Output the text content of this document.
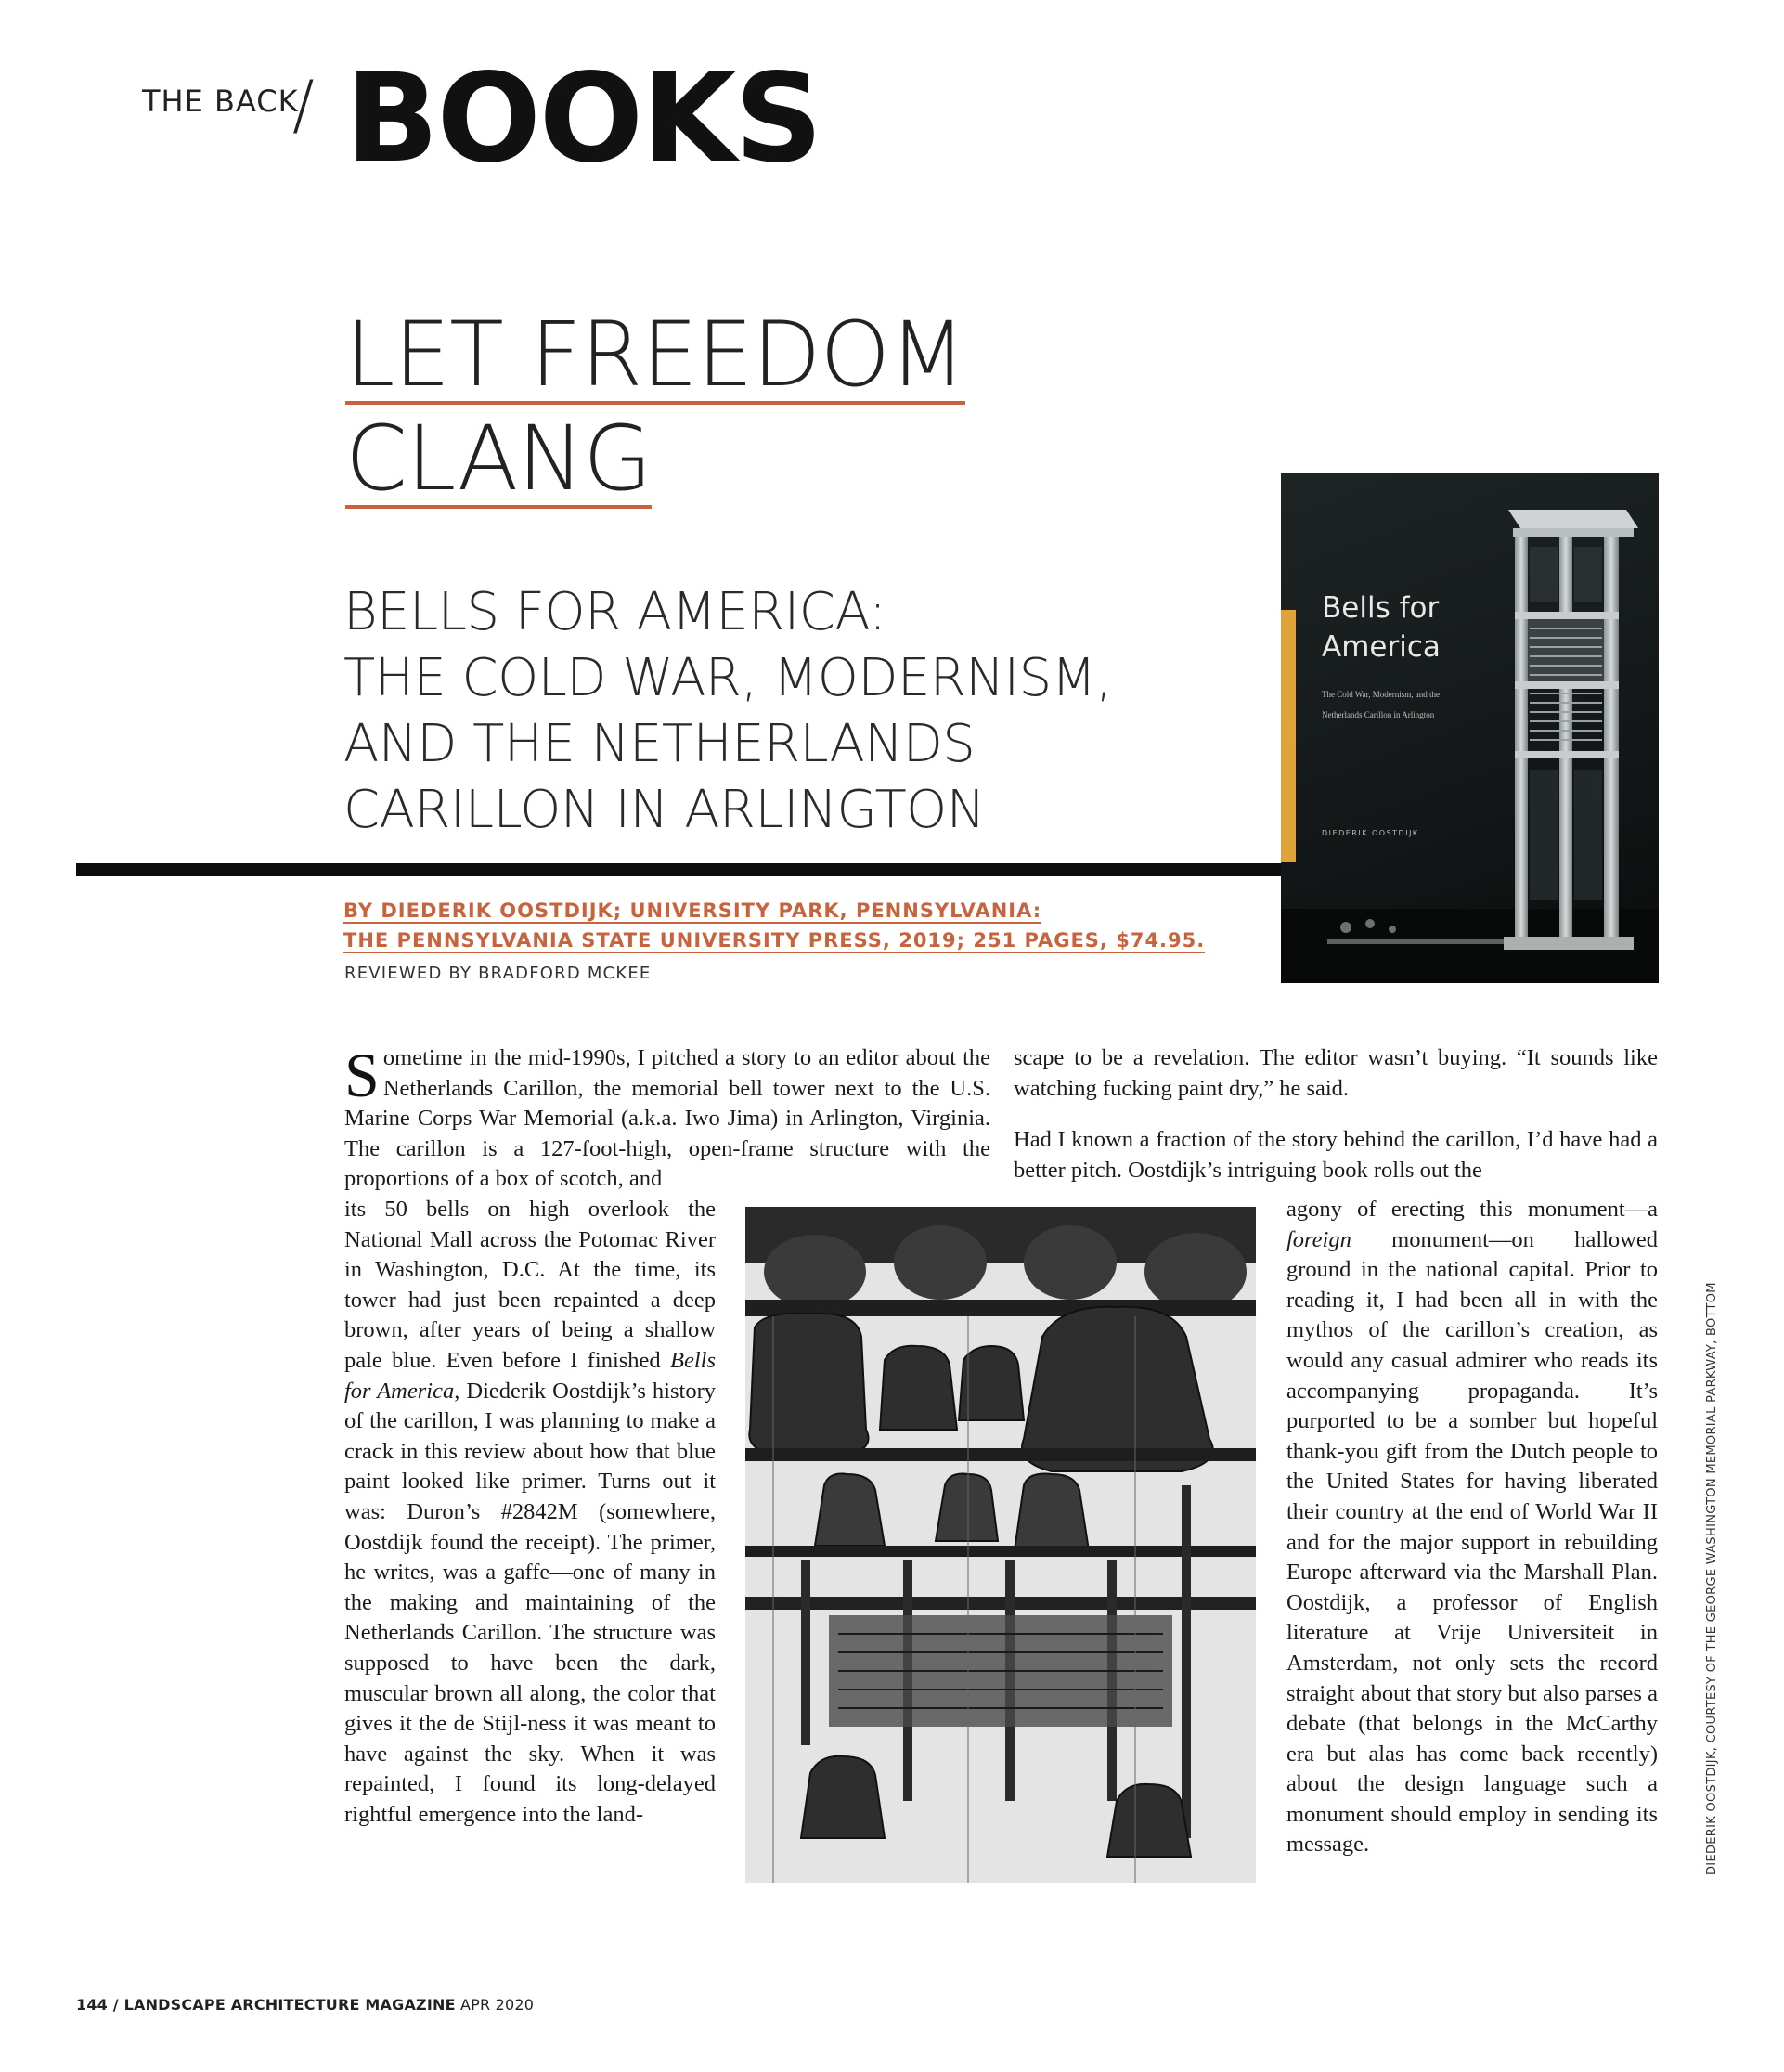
THE BACK
/ BOOKS
LET FREEDOM
CLANG
BELLS FOR AMERICA:
THE COLD WAR, MODERNISM,
AND THE NETHERLANDS
CARILLON IN ARLINGTON
Bells for
America
The Cold War, Modernism, and the Netherlands Carillon in Arlington
DIEDERIK OOSTDIJK
BY DIEDERIK OOSTDIJK; UNIVERSITY PARK, PENNSYLVANIA:
THE PENNSYLVANIA STATE UNIVERSITY PRESS, 2019; 251 PAGES, $74.95.
REVIEWED BY BRADFORD MCKEE
Sometime in the mid-1990s, I pitched a story to an editor about the Netherlands Carillon, the memorial bell tower next to the U.S. Marine Corps War Memorial (a.k.a. Iwo Jima) in Arlington, Virginia. The carillon is a 127-foot-high, open-frame structure with the proportions of a box of scotch, and
its 50 bells on high overlook the National Mall across the Potomac River in Washington, D.C. At the time, its tower had just been repainted a deep brown, after years of being a shallow pale blue. Even before I finished Bells for America, Diederik Oostdijk’s history of the carillon, I was planning to make a crack in this review about how that blue paint looked like primer. Turns out it was: Duron’s #2842M (somewhere, Oostdijk found the receipt). The primer, he writes, was a gaffe—one of many in the making and maintaining of the Netherlands Carillon. The structure was supposed to have been the dark, muscular brown all along, the color that gives it the de Stijl-ness it was meant to have against the sky. When it was repainted, I found its long-delayed rightful emergence into the land-

scape to be a revelation. The editor wasn’t buying. “It sounds like watching fucking paint dry,” he said.

Had I known a fraction of the story behind the carillon, I’d have had a better pitch. Oostdijk’s intriguing book rolls out the

agony of erecting this monument—a foreign monument—on hallowed ground in the national capital. Prior to reading it, I had been all in with the mythos of the carillon’s creation, as would any casual admirer who reads its accompanying propaganda. It’s purported to be a somber but hopeful thank-you gift from the Dutch people to the United States for having liberated their country at the end of World War II and for the major support in rebuilding Europe afterward via the Marshall Plan. Oostdijk, a professor of English literature at Vrije Universiteit in Amsterdam, not only sets the record straight about that story but also parses a debate (that belongs in the McCarthy era but alas has come back recently) about the design language such a monument should employ in sending its message.	DIEDERIK OOSTDIJK, COURTESY OF THE GEORGE WASHINGTON MEMORIAL PARKWAY, BOTTOM
144 / LANDSCAPE ARCHITECTURE MAGAZINE APR 2020
